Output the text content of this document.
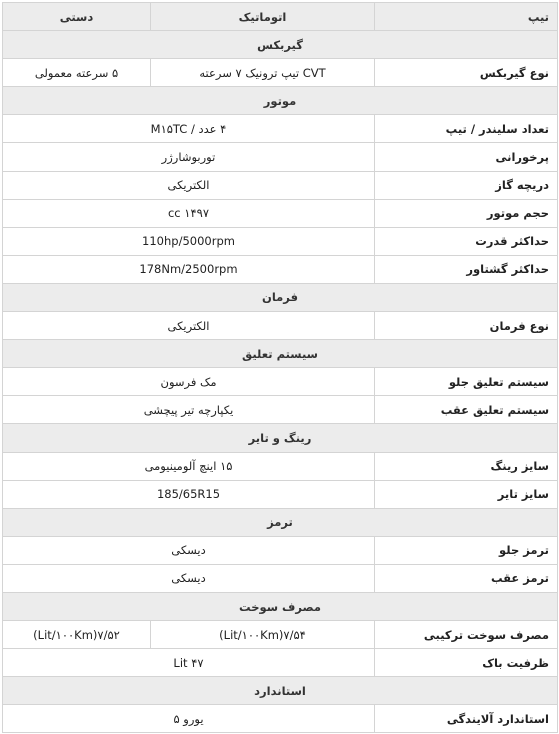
تیپ	اتوماتیک	دستی
گیربکس		
نوع گیربکس	CVT تیپ ترونیک ۷ سرعته	۵ سرعته معمولی
موتور		
تعداد سلیندر / تیپ	۴ عدد / M۱۵TC	
پرخورانی	توربوشارژر	
دریچه گاز	الکتریکی	
حجم موتور	۱۴۹۷ cc	
حداکثر قدرت	110hp/5000rpm	
حداکثر گشتاور	178Nm/2500rpm	
فرمان		
نوع فرمان	الکتریکی	
سیستم تعلیق		
سیستم تعلیق جلو	مک فرسون	
سیستم تعلیق عقب	یکپارچه تیر پیچشی	
رینگ و تایر		
سایز رینگ	۱۵ اینچ آلومینیومی	
سایز تایر	185/65R15	
ترمز		
ترمز جلو	دیسکی	
ترمز عقب	دیسکی	
مصرف سوخت		
مصرف سوخت ترکیبی	۷/۵۴(Lit/۱۰۰Km)	۷/۵۲(Lit/۱۰۰Km)
ظرفیت باک	۴۷ Lit	
استاندارد		
استاندارد آلایندگی	یورو ۵	
